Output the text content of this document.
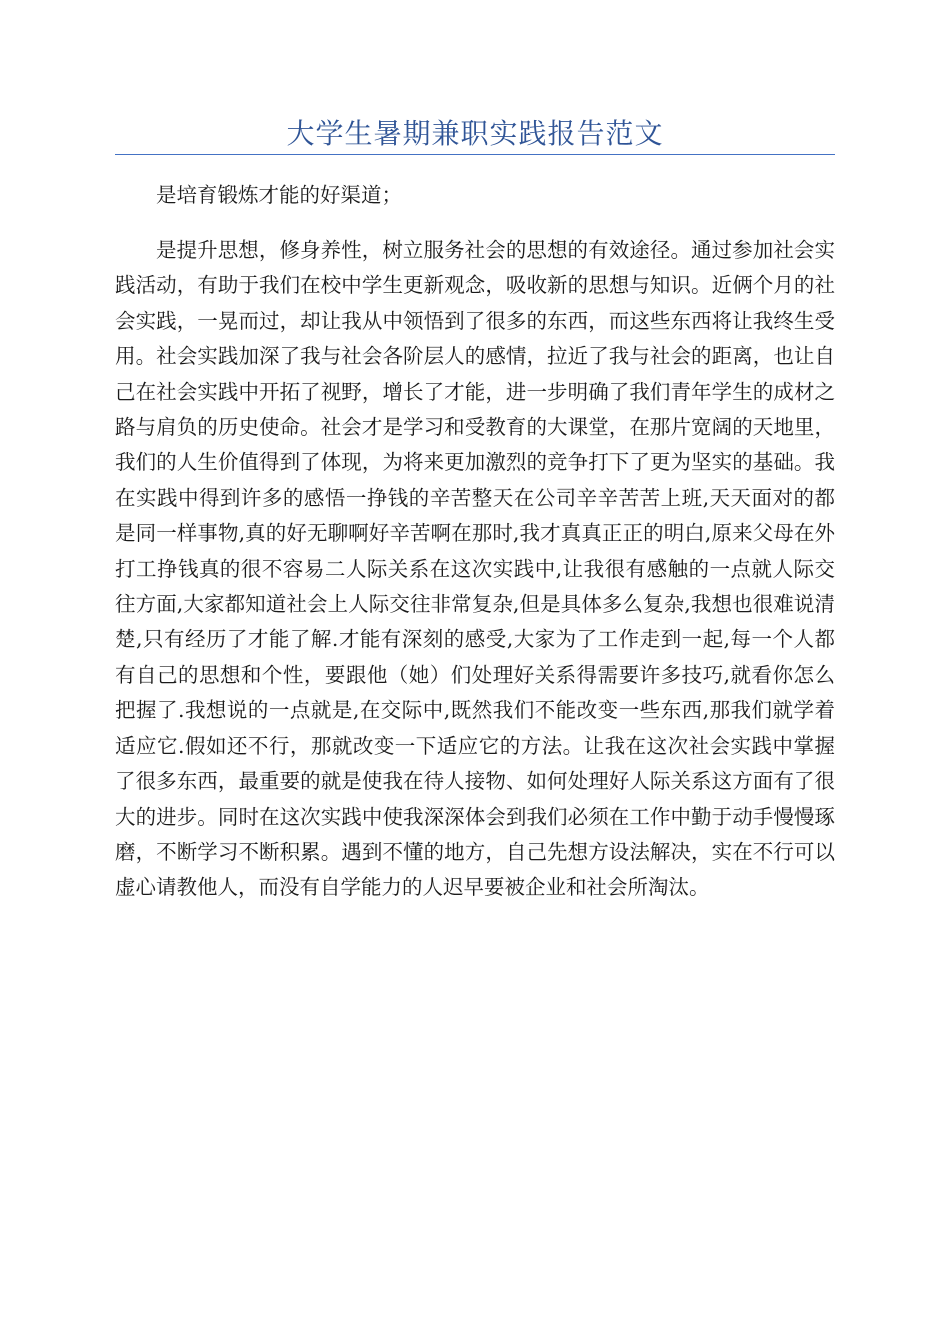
大学生暑期兼职实践报告范文

是培育锻炼才能的好渠道；

是提升思想，修身养性，树立服务社会的思想的有效途径。通过参加社会实践活动，有助于我们在校中学生更新观念，吸收新的思想与知识。近俩个月的社会实践，一晃而过，却让我从中领悟到了很多的东西，而这些东西将让我终生受用。社会实践加深了我与社会各阶层人的感情，拉近了我与社会的距离，也让自己在社会实践中开拓了视野，增长了才能，进一步明确了我们青年学生的成材之路与肩负的历史使命。社会才是学习和受教育的大课堂，在那片宽阔的天地里，我们的人生价值得到了体现，为将来更加激烈的竞争打下了更为坚实的基础。我在实践中得到许多的感悟一挣钱的辛苦整天在公司辛辛苦苦上班,天天面对的都是同一样事物,真的好无聊啊好辛苦啊在那时,我才真真正正的明白,原来父母在外打工挣钱真的很不容易二人际关系在这次实践中,让我很有感触的一点就人际交往方面,大家都知道社会上人际交往非常复杂,但是具体多么复杂,我想也很难说清楚,只有经历了才能了解.才能有深刻的感受,大家为了工作走到一起,每一个人都有自己的思想和个性，要跟他（她）们处理好关系得需要许多技巧,就看你怎么把握了.我想说的一点就是,在交际中,既然我们不能改变一些东西,那我们就学着适应它.假如还不行，那就改变一下适应它的方法。让我在这次社会实践中掌握了很多东西，最重要的就是使我在待人接物、如何处理好人际关系这方面有了很大的进步。同时在这次实践中使我深深体会到我们必须在工作中勤于动手慢慢琢磨，不断学习不断积累。遇到不懂的地方，自己先想方设法解决，实在不行可以虚心请教他人，而没有自学能力的人迟早要被企业和社会所淘汰。
